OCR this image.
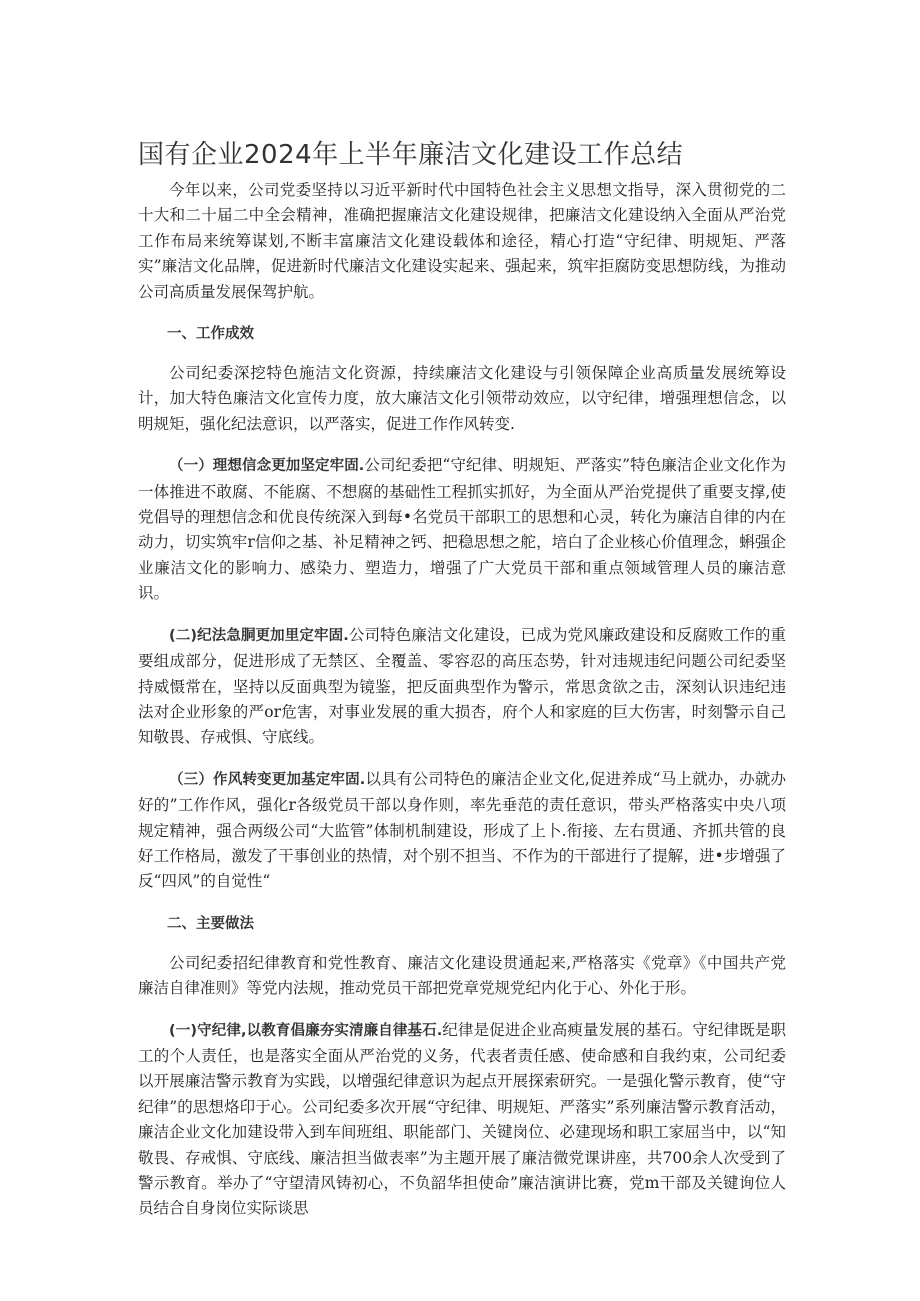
国有企业2024年上半年廉洁文化建设工作总结

今年以来，公司党委坚持以习近平新时代中国特色社会主义思想文指导，深入贯彻党的二十大和二十届二中全会精神，准确把握廉洁文化建设规律，把廉洁文化建设纳入全面从严治党工作布局来统筹谋划,不断丰富廉洁文化建设载体和途径，精心打造“守纪律、明规矩、严落实”廉洁文化品牌，促进新时代廉洁文化建设实起来、强起来，筑牢拒腐防变思想防线，为推动公司高质量发展保驾护航。

一、工作成效

公司纪委深挖特色施洁文化资源，持续廉洁文化建设与引领保障企业高质量发展统筹设计，加大特色廉洁文化宣传力度，放大廉洁文化引领带动效应，以守纪律，增强理想信念，以明规矩，强化纪法意识，以严落实，促进工作作风转变.

（一）理想信念更加坚定牢固.公司纪委把“守纪律、明规矩、严落实”特色廉洁企业文化作为一体推进不敢腐、不能腐、不想腐的基础性工程抓实抓好，为全面从严治党提供了重要支撑,使党倡导的理想信念和优良传统深入到每•名党员干部职工的思想和心灵，转化为廉洁自律的内在动力，切实筑牢r信仰之基、补足精神之钙、把稳思想之舵，培白了企业核心价值理念，蝌强企业廉洁文化的影响力、感染力、塑造力，增强了广大党员干部和重点领域管理人员的廉洁意识。

(二)纪法急胴更加里定牢固.公司特色廉洁文化建设，已成为党风廉政建设和反腐败工作的重要组成部分，促进形成了无禁区、全覆盖、零容忍的高压态势，针对违规违纪问题公司纪委坚持威慑常在，坚持以反面典型为镜鉴，把反面典型作为警示，常思贪欲之击，深刻认识违纪违法对企业形象的严or危害，对事业发展的重大损杏，府个人和家庭的巨大伤害，时刻警示自己知敬畏、存戒惧、守底线。

（三）作风转变更加基定牢固.以具有公司特色的廉洁企业文化,促进养成“马上就办，办就办好的”工作作风，强化r各级党员干部以身作则，率先垂范的责任意识，带头严格落实中央八项规定精神，强合两级公司“大监管”体制机制建设，形成了上卜.衔接、左右贯通、齐抓共管的良好工作格局，激发了干事创业的热情，对个别不担当、不作为的干部进行了提解，进•步增强了反“四风”的自觉性“

二、主要做法

公司纪委招纪律教育和党性教育、廉洁文化建设贯通起来,严格落实《党章》《中国共产党廉洁自律准则》等党内法规，推动党员干部把党章党规党纪内化于心、外化于形。

(一)守纪律,以教育倡廉夯实清廉自律基石.纪律是促进企业高瘐量发展的基石。守纪律既是职工的个人责任，也是落实全面从严治党的义务，代表者责任感、使命感和自我约束，公司纪委以开展廉洁警示教育为实践，以增强纪律意识为起点开展探索研究。一是强化警示教育，使“守纪律”的思想烙印于心。公司纪委多次开展“守纪律、明规矩、严落实”系列廉洁警示教育活动，廉洁企业文化加建设带入到车间班组、职能部门、关键岗位、必建现场和职工家屈当中，以“知敬畏、存戒惧、守底线、廉洁担当做表率”为主题开展了廉洁微党课讲座，共700余人次受到了警示教育。举办了“守望清风铸初心，不负韶华担使命”廉洁演讲比赛，党m干部及关键询位人员结合自身岗位实际谈思
